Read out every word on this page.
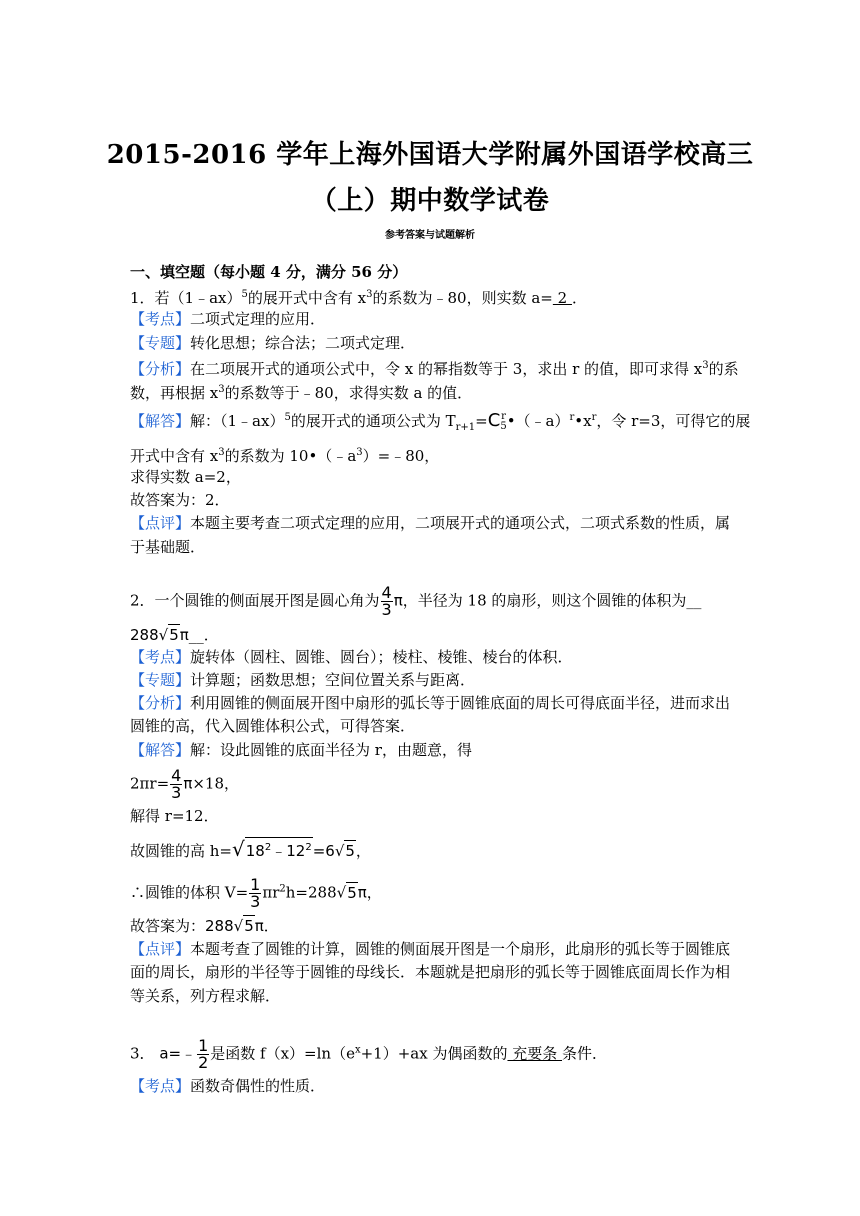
2015-2016 学年上海外国语大学附属外国语学校高三
（上）期中数学试卷
参考答案与试题解析
一、填空题（每小题 4 分，满分 56 分）
1．若（1﹣ax）$^5$的展开式中含有 $x^3$的系数为﹣80，则实数 a= 2 ．
【考点】二项式定理的应用．
【专题】转化思想；综合法；二项式定理．
【分析】在二项展开式的通项公式中，令 x 的幂指数等于 3，求出 r 的值，即可求得 $x^3$的系
数，再根据 $x^3$的系数等于﹣80，求得实数 a 的值．
【解答】解：（1﹣ax）$^5$的展开式的通项公式为 $T_{r+1}=C$ r
5 $•(﹣a)^r•x^r$，令 r=3，可得它的展
开式中含有 $x^3$的系数为 $10•(﹣a^3)=﹣80$，
求得实数 a=2，
故答案为：2．
【点评】本题主要考查二项式定理的应用，二项展开式的通项公式，二项式系数的性质，属
于基础题．
2．一个圆锥的侧面展开图是圆心角为 $\frac{4}{3}$ π，半径为 18 的扇形，则这个圆锥的体积为__
288√5π__．
【考点】旋转体（圆柱、圆锥、圆台）；棱柱、棱锥、棱台的体积．
【专题】计算题；函数思想；空间位置关系与距离．
【分析】利用圆锥的侧面展开图中扇形的弧长等于圆锥底面的周长可得底面半径，进而求出
圆锥的高，代入圆锥体积公式，可得答案．
【解答】解：设此圆锥的底面半径为 r，由题意，得
$2\pi r= \frac{4}{3} \pi\times 18$，
解得 r=12．
故圆锥的高 $h=√18^2﹣12^2=6√5$，
∴圆锥的体积 $V= \frac{1}{3} \pi r^2h=288√5\pi$，
故答案为：288√5π．
【点评】本题考查了圆锥的计算，圆锥的侧面展开图是一个扇形，此扇形的弧长等于圆锥底
面的周长，扇形的半径等于圆锥的母线长．本题就是把扇形的弧长等于圆锥底面周长作为相
等关系，列方程求解．
3． a=﹣ $\frac{1}{2}$ 是函数 $f(x)=\ln(e^x+1)+ax$ 为偶函数的 充要条 条件．
【考点】函数奇偶性的性质．
